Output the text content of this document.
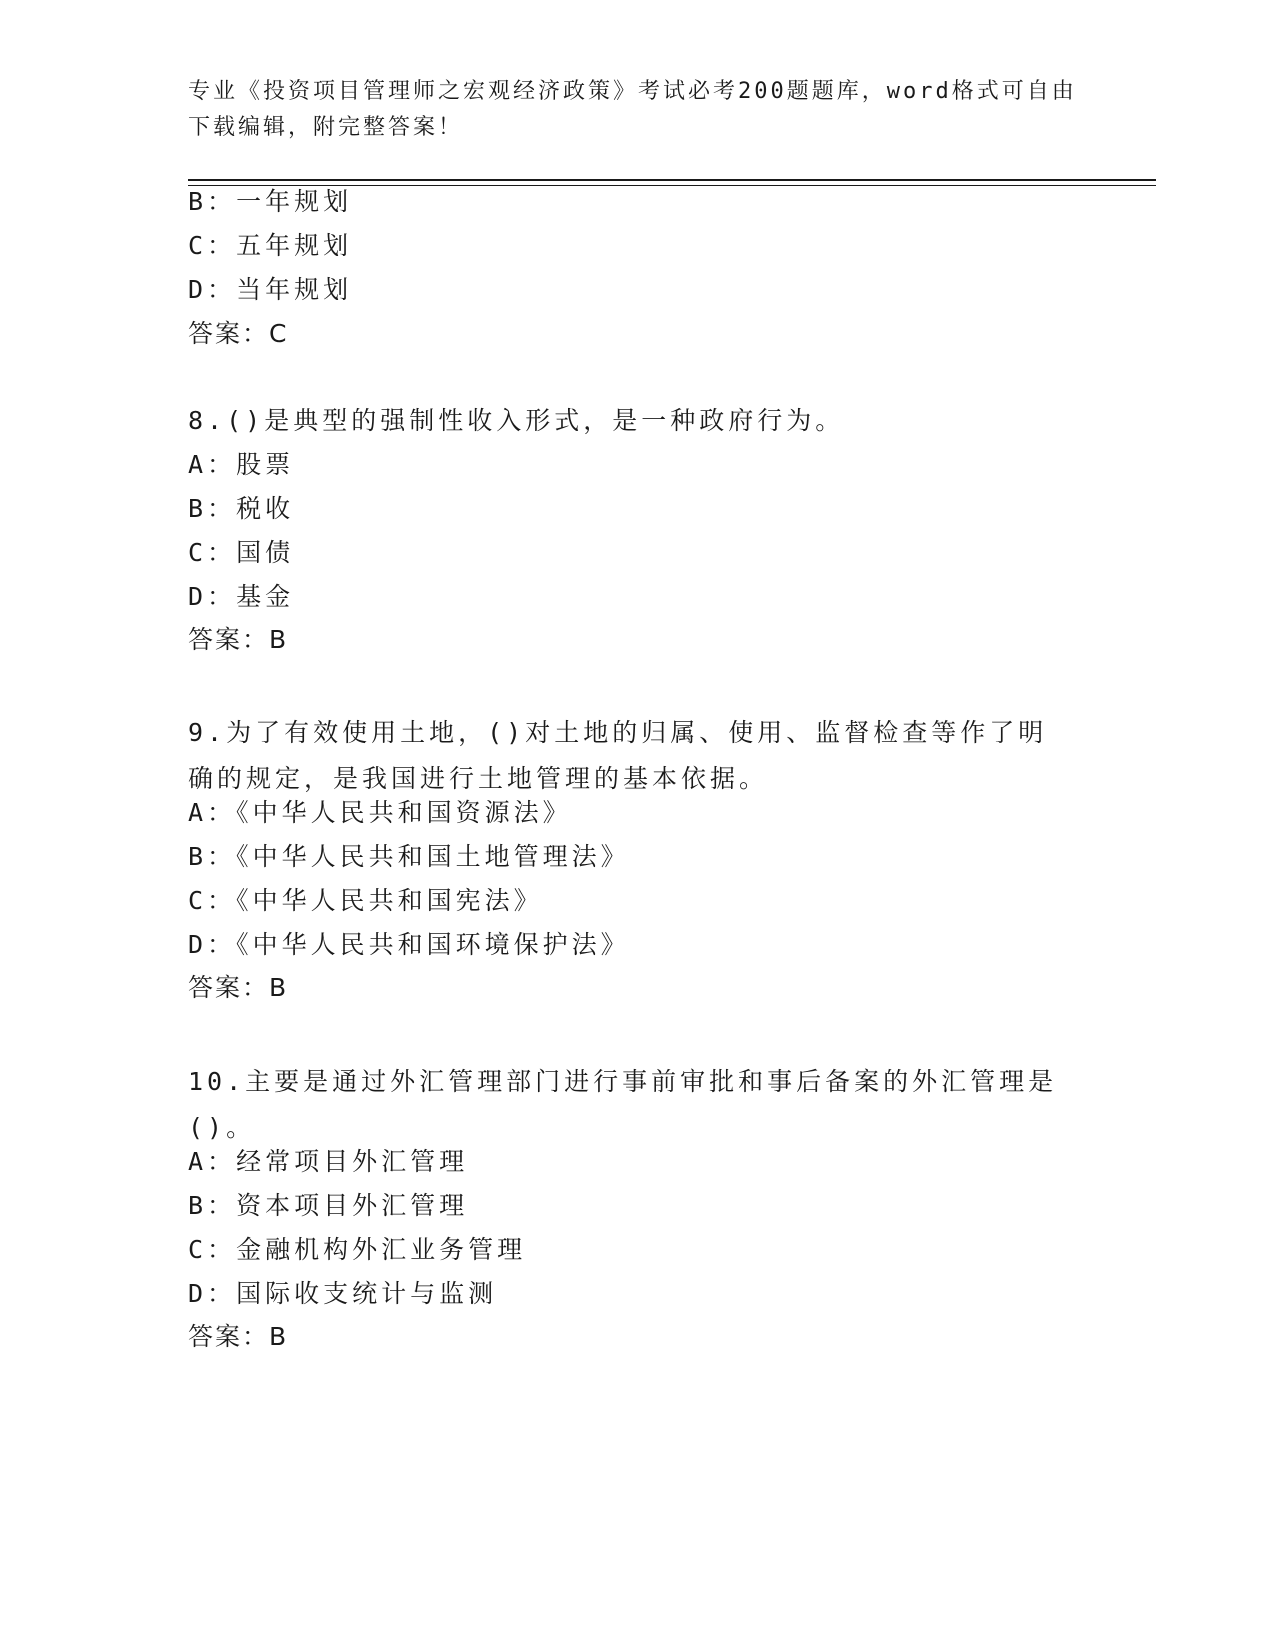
专业《投资项目管理师之宏观经济政策》考试必考200题题库，word格式可自由下载编辑，附完整答案！
B：一年规划
C：五年规划
D：当年规划
答案：C
8.()是典型的强制性收入形式，是一种政府行为。
A：股票
B：税收
C：国债
D：基金
答案：B
9.为了有效使用土地，()对土地的归属、使用、监督检查等作了明确的规定，是我国进行土地管理的基本依据。
A：《中华人民共和国资源法》
B：《中华人民共和国土地管理法》
C：《中华人民共和国宪法》
D：《中华人民共和国环境保护法》
答案：B
10.主要是通过外汇管理部门进行事前审批和事后备案的外汇管理是()。
A：经常项目外汇管理
B：资本项目外汇管理
C：金融机构外汇业务管理
D：国际收支统计与监测
答案：B
